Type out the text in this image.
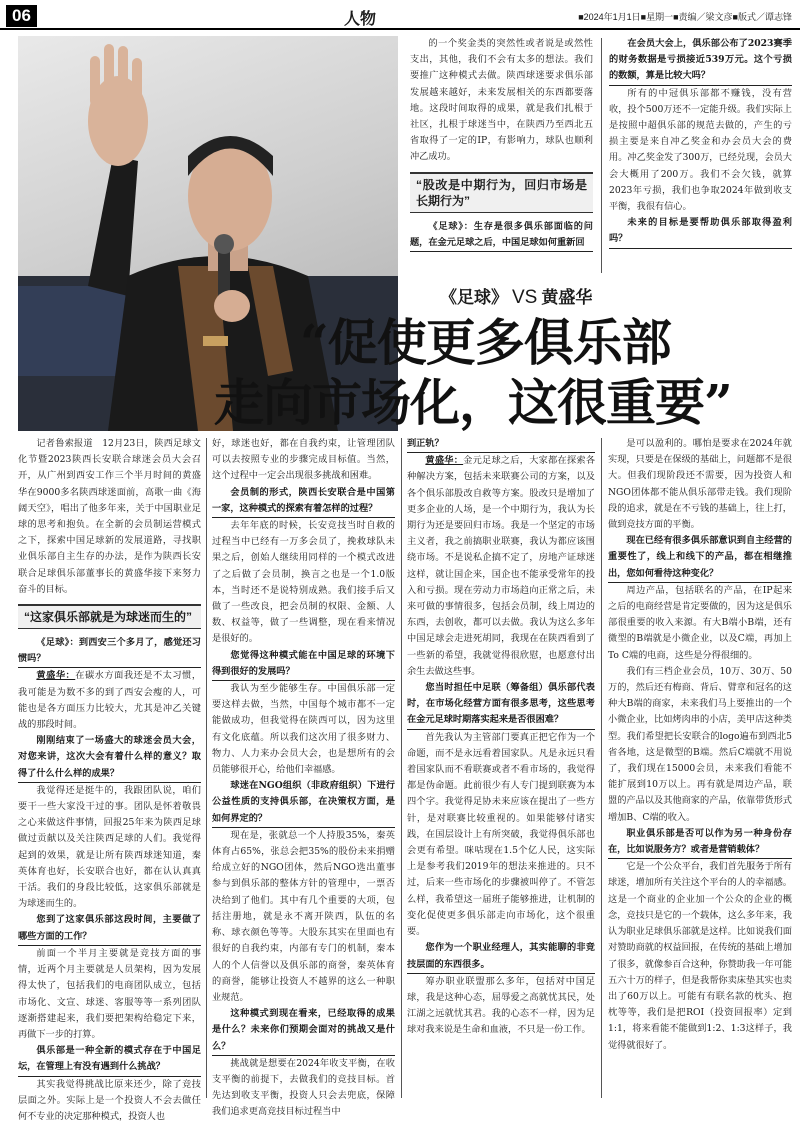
06	人物	■2024年1月1日■星期一■责编／梁文彦■版式／谭志锋

的一个奖金类的突然性或者说是或然性支出，其他，我们不会有太多的想法。我们要推广这种模式去做。陕西球迷要求俱乐部发展越来越好，未来发展相关的东西都要落地。这段时间取得的成果，就是我们扎根于社区，扎根于球迷当中，在陕西乃至西北五省取得了一定的IP，有影响力，球队也顺利冲乙成功。

“股改是中期行为，回归市场是长期行为”

《足球》：生存是很多俱乐部面临的问题，在金元足球之后，中国足球如何重新回

在会员大会上，俱乐部公布了2023赛季的财务数据是亏损接近539万元。这个亏损的数额，算是比较大吗？

所有的中冠俱乐部都不赚钱，没有营收，投个500万还不一定能升级。我们实际上是按照中超俱乐部的规范去做的，产生的亏损主要是来自冲乙奖金和办会员大会的费用。冲乙奖金发了300万，已经兑现，会员大会大概用了200万。我们不会欠钱，就算2023年亏损，我们也争取2024年做到收支平衡，我很有信心。

未来的目标是要帮助俱乐部取得盈利吗？

《足球》 VS 黄盛华
“促使更多俱乐部
走向市场化，这很重要”

记者鲁索报道　12月23日，陕西足球文化节暨2023陕西长安联合球迷会员大会召开，从广州到西安工作三个半月时间的黄盛华在9000多名陕西球迷面前，高歌一曲《海阔天空》，唱出了他多年来，关于中国职业足球的思考和抱负。在全新的会员制运营模式之下，探索中国足球新的发展道路，寻找职业俱乐部自主生存的办法，是作为陕西长安联合足球俱乐部董事长的黄盛华接下来努力奋斗的目标。

“这家俱乐部就是为球迷而生的”

《足球》：到西安三个多月了，感觉还习惯吗？

黄盛华：在碳水方面我还是不太习惯，我可能是为数不多的到了西安会瘦的人，可能也是各方面压力比较大，尤其是冲乙关键战的那段时间。

刚刚结束了一场盛大的球迷会员大会，对您来讲，这次大会有着什么样的意义？取得了什么什么样的成果？

我觉得还是挺牛的，我跟团队说，咱们要干一些大家没干过的事。团队是怀着敬畏之心来做这件事情，回报25年来为陕西足球做过贡献以及关注陕西足球的人们。我觉得起到的效果，就是让所有陕西球迷知道，秦英体育也好，长安联合也好，都在认认真真干活。我们的身段比较低，这家俱乐部就是为球迷而生的。

您到了这家俱乐部这段时间，主要做了哪些方面的工作？

前面一个半月主要就是竞技方面的事情，近两个月主要就是人员架构，因为发展得太快了，包括我们的电商团队成立，包括市场化、文宣、球迷、客服等等一系列团队逐渐搭建起来，我们要把架构给稳定下来，再做下一步的打算。

俱乐部是一种全新的模式存在于中国足坛，在管理上有没有遇到什么挑战？

其实我觉得挑战比原来还少，除了竞技层面之外。实际上是一个投资人不会去做任何不专业的决定那种模式，投资人也

好，球迷也好，都在自我约束，让管理团队可以去按照专业的步骤完成目标值。当然，这个过程中一定会出现很多挑战和困难。

会员制的形式，陕西长安联合是中国第一家，这种模式的探索有着怎样的过程？

去年年底的时候，长安竞技当时自救的过程当中已经有一万多会员了，挽救球队未果之后，创始人继续用同样的一个模式改进了之后做了会员制，换言之也是一个1.0版本，当时还不是说特别成熟。我们接手后又做了一些改良，把会员制的权限、金额、人数、权益等，做了一些调整，现在看来情况是很好的。

您觉得这种模式能在中国足球的环境下得到很好的发展吗？

我认为至少能够生存。中国俱乐部一定要这样去做，当然，中国每个城市都不一定能做成功，但我觉得在陕西可以，因为这里有文化底蕴。所以我们这次用了很多财力、物力、人力来办会员大会，也是想所有的会员能够很开心，给他们幸福感。

球迷在NGO组织（非政府组织）下进行公益性质的支持俱乐部，在决策权方面，是如何界定的？

现在是，张就总一个人持股35%，秦英体育占65%，张总会把35%的股份未来捐赠给成立好的NGO团体，然后NGO选出董事参与到俱乐部的整体方针的管理中，一票否决给到了他们。其中有几个重要的大项，包括注册地，就是永不离开陕西，队伍的名称、球衣颜色等等。大股东其实在里面也有很好的自我约束，内部有专门的机制，秦本人的个人信誉以及俱乐部的商誉，秦英体育的商誉，能够让投资人不越界的这么一种职业规范。

这种模式到现在看来，已经取得的成果是什么？未来你们预期会面对的挑战又是什么？

挑战就是想要在2024年收支平衡，在收支平衡的前提下，去做我们的竞技目标。首先达到收支平衡，投资人只会去兜底，保障我们追求更高竞技目标过程当中

到正轨？

黄盛华：金元足球之后，大家都在探索各种解决方案，包括未来联赛公司的方案，以及各个俱乐部股改自救等方案。股改只是增加了更多企业的人场，是一个中期行为，我认为长期行为还是要回归市场。我是一个坚定的市场主义者，我之前搞职业联赛，我认为都应该围绕市场。不是说私企搞不定了，房地产证球迷这样，就让国企来，国企也不能承受常年的投入和亏损。现在劳动力市场趋向正常之后，未来可做的事情很多，包括会员制，线上周边的东西，去创收，都可以去做。我认为这么多年中国足球会走进死胡同，我现在在陕西看到了一些新的希望，我就觉得很欣慰，也愿意付出余生去做这些事。

您当时担任中足联（筹备组）俱乐部代表时，在市场化经营方面有很多思考，这些思考在金元足球时期落实起来是否很困难？

首先我认为主管部门要真正把它作为一个命题，而不是永远看着国家队。凡是永远只看着国家队而不看联赛或者不看市场的，我觉得都是伪命题。此前很少有人专门提到联赛为本四个字。我觉得足协未来应该在提出了一些方针，是对联赛比较重视的。如果能够付诸实践，在国层设计上有所突破，我觉得俱乐部也会更有希望。咪咕现在1.5个亿人民，这实际上是参考我们2019年的想法来推进的。只不过，后来一些市场化的步骤被叫停了。不管怎么样，我希望这一届班子能够推进，让机制的变化促使更多俱乐部走向市场化，这个很重要。

您作为一个职业经理人，其实能聊的非竞技层面的东西很多。

筹办职业联盟那么多年，包括对中国足球，我是这种心态，屈辱爱之高就忧其民，处江湖之远就忧其君。我的心态不一样，因为足球对我来说是生命和血液，不只是一份工作。

是可以盈利的。哪怕是要求在2024年就实现，只要是在保级的基础上，问题都不是很大。但我们现阶段还不需要，因为投资人和NGO团体都不能从俱乐部带走钱。我们现阶段的追求，就是在不亏钱的基础上，往上打，做到竞技方面的平衡。

现在已经有很多俱乐部意识到自主经营的重要性了，线上和线下的产品，都在相继推出，您如何看待这种变化？

周边产品，包括联名的产品，在IP起来之后的电商经营是肯定要做的，因为这是俱乐部很重要的收入来源。有大B端小B端，还有微型的B端就是小微企业，以及C端，再加上To C端的电商，这些是分得很细的。

我们有三档企业会员，10万、30万、50万的，然后还有梅商、背后、臂章和冠名的这种大B端的商家，未来我们马上要推出的一个小微企业，比如烤肉串的小店，美甲店这种类型。我们希望把长安联合的logo遍布到西北5省各地，这是微型的B端。然后C端就不用说了，我们现在15000会员，未来我们看能不能扩展到10万以上。再有就是周边产品，联盟的产品以及其他商家的产品，依靠带货形式增加B、C端的收入。

职业俱乐部是否可以作为另一种身份存在，比如说服务方？或者是营销载体？

它是一个公众平台，我们首先服务于所有球迷，增加所有关注这个平台的人的幸福感。这是一个商业的企业加一个公众的企业的概念，竞技只是它的一个载体，这么多年来，我认为职业足球俱乐部就是这样。比如说我们面对赞助商就的权益回报，在传统的基础上增加了很多，就像参百合这种，你赞助我一年可能五六十万的样子，但是我帮你卖床垫其实也卖出了60万以上。可能有有联名款的枕头、抱枕等等，我们是把ROI（投资回报率）定到1:1，将来看能不能做到1:2、1:3这样子，我觉得就很好了。
